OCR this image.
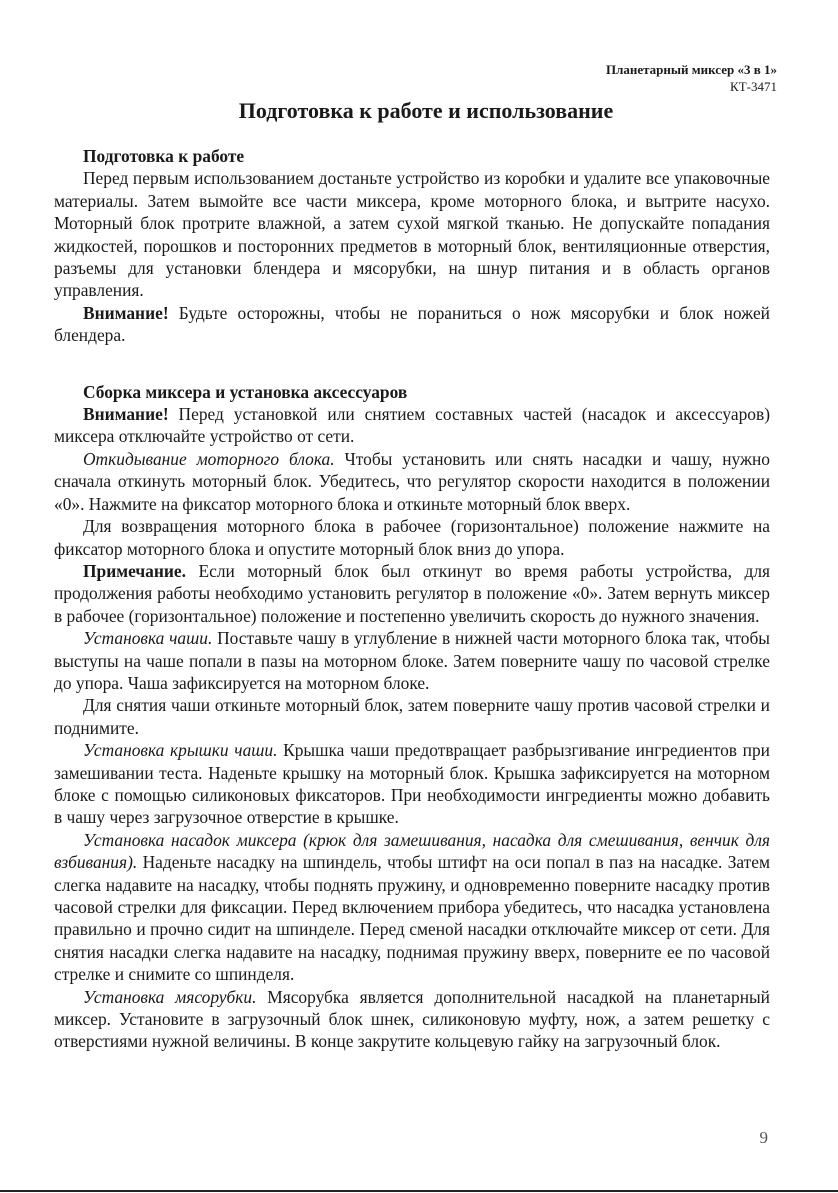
Планетарный миксер «3 в 1»
КТ-3471
Подготовка к работе и использование
Подготовка к работе

Перед первым использованием достаньте устройство из коробки и удалите все упаковочные материалы. Затем вымойте все части миксера, кроме моторного блока, и вытрите насухо. Моторный блок протрите влажной, а затем сухой мягкой тканью. Не допускайте попадания жидкостей, порошков и посторонних предметов в моторный блок, вентиляционные отверстия, разъемы для установки блендера и мясорубки, на шнур питания и в область органов управления.

Внимание! Будьте осторожны, чтобы не пораниться о нож мясорубки и блок ножей блендера.

Сборка миксера и установка аксессуаров

Внимание! Перед установкой или снятием составных частей (насадок и аксессуаров) миксера отключайте устройство от сети.

Откидывание моторного блока. Чтобы установить или снять насадки и чашу, нужно сначала откинуть моторный блок. Убедитесь, что регулятор скорости находится в положении «0». Нажмите на фиксатор моторного блока и откиньте моторный блок вверх.

Для возвращения моторного блока в рабочее (горизонтальное) положение нажмите на фиксатор моторного блока и опустите моторный блок вниз до упора.

Примечание. Если моторный блок был откинут во время работы устройства, для продолжения работы необходимо установить регулятор в положение «0». Затем вернуть миксер в рабочее (горизонтальное) положение и постепенно увеличить скорость до нужного значения.

Установка чаши. Поставьте чашу в углубление в нижней части моторного блока так, чтобы выступы на чаше попали в пазы на моторном блоке. Затем поверните чашу по часовой стрелке до упора. Чаша зафиксируется на моторном блоке.

Для снятия чаши откиньте моторный блок, затем поверните чашу против часовой стрелки и поднимите.

Установка крышки чаши. Крышка чаши предотвращает разбрызгивание ингредиентов при замешивании теста. Наденьте крышку на моторный блок. Крышка зафиксируется на моторном блоке с помощью силиконовых фиксаторов. При необходимости ингредиенты можно добавить в чашу через загрузочное отверстие в крышке.

Установка насадок миксера (крюк для замешивания, насадка для смешивания, венчик для взбивания). Наденьте насадку на шпиндель, чтобы штифт на оси попал в паз на насадке. Затем слегка надавите на насадку, чтобы поднять пружину, и одновременно поверните насадку против часовой стрелки для фиксации. Перед включением прибора убедитесь, что насадка установлена правильно и прочно сидит на шпинделе. Перед сменой насадки отключайте миксер от сети. Для снятия насадки слегка надавите на насадку, поднимая пружину вверх, поверните ее по часовой стрелке и снимите со шпинделя.

Установка мясорубки. Мясорубка является дополнительной насадкой на планетарный миксер. Установите в загрузочный блок шнек, силиконовую муфту, нож, а затем решетку с отверстиями нужной величины. В конце закрутите кольцевую гайку на загрузочный блок.

9
